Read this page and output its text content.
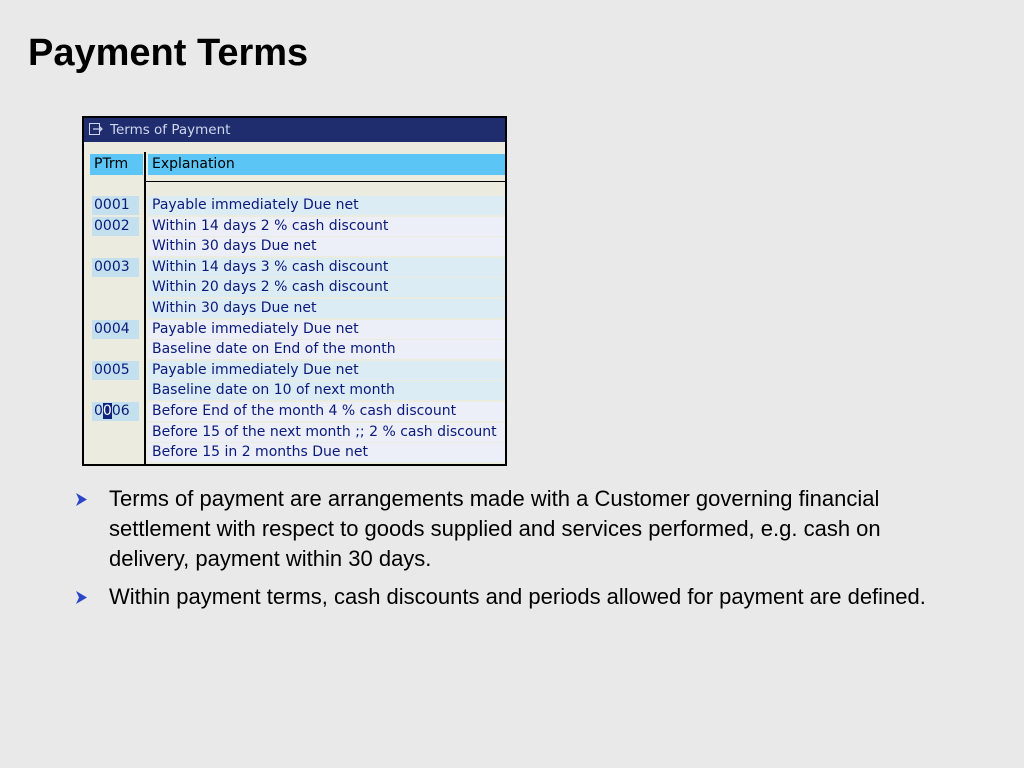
Payment Terms
Terms of Payment
PTrm	Explanation
0001	Payable immediately Due net
0002	Within 14 days 2 % cash discount
Within 30 days Due net
0003	Within 14 days 3 % cash discount
Within 20 days 2 % cash discount
Within 30 days Due net
0004	Payable immediately Due net
Baseline date on End of the month
0005	Payable immediately Due net
Baseline date on 10 of next month
0006	Before End of the month 4 % cash discount
Before 15 of the next month ;; 2 % cash discount
Before 15 in 2 months Due net
Terms of payment are arrangements made with a Customer governing financial settlement with respect to goods supplied and services performed, e.g. cash on delivery, payment within 30 days.
Within payment terms, cash discounts and periods allowed for payment are defined.
